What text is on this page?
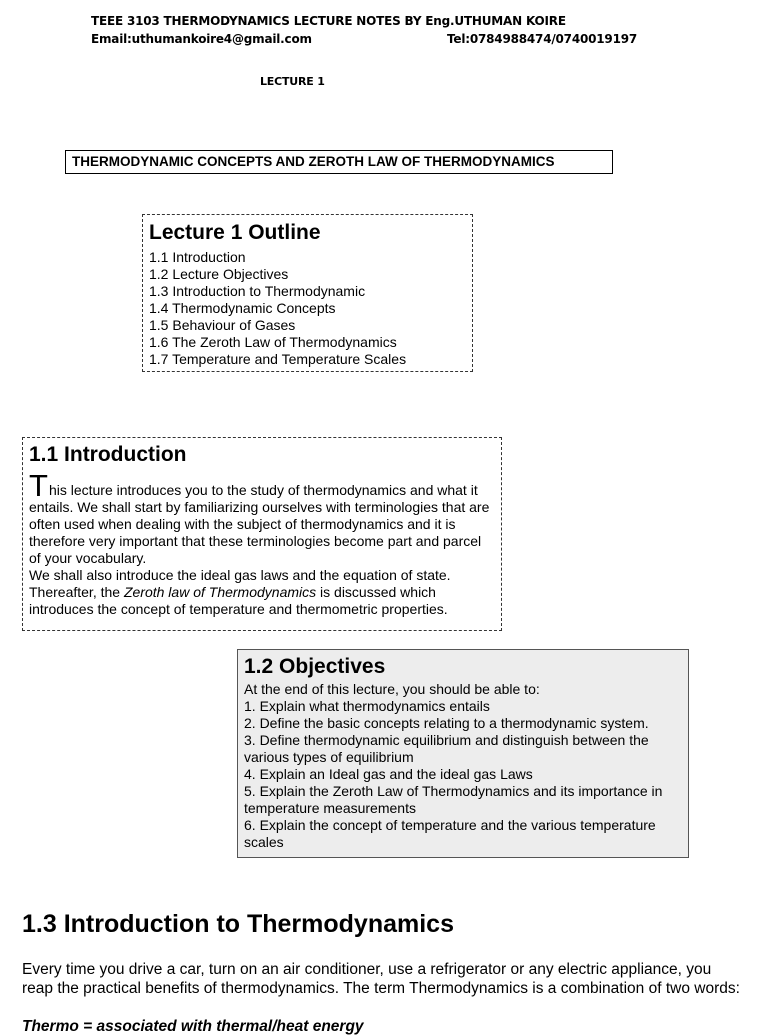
TEEE 3103 THERMODYNAMICS LECTURE NOTES BY Eng.UTHUMAN KOIRE
Email:uthumankoire4@gmail.com	Tel:0784988474/0740019197
LECTURE 1
THERMODYNAMIC CONCEPTS AND ZEROTH LAW OF THERMODYNAMICS
Lecture 1 Outline
1.1 Introduction
1.2 Lecture Objectives
1.3 Introduction to Thermodynamic
1.4 Thermodynamic Concepts
1.5 Behaviour of Gases
1.6 The Zeroth Law of Thermodynamics
1.7 Temperature and Temperature Scales
1.1 Introduction

This lecture introduces you to the study of thermodynamics and what it entails. We shall start by familiarizing ourselves with terminologies that are often used when dealing with the subject of thermodynamics and it is therefore very important that these terminologies become part and parcel of your vocabulary.

We shall also introduce the ideal gas laws and the equation of state. Thereafter, the Zeroth law of Thermodynamics is discussed which introduces the concept of temperature and thermometric properties.

1.2 Objectives

At the end of this lecture, you should be able to:

1. Explain what thermodynamics entails
2. Define the basic concepts relating to a thermodynamic system.
3. Define thermodynamic equilibrium and distinguish between the various types of equilibrium
4. Explain an Ideal gas and the ideal gas Laws
5. Explain the Zeroth Law of Thermodynamics and its importance in temperature measurements
6. Explain the concept of temperature and the various temperature scales
1.3 Introduction to Thermodynamics

Every time you drive a car, turn on an air conditioner, use a refrigerator or any electric appliance, you reap the practical benefits of thermodynamics. The term Thermodynamics is a combination of two words:

Thermo = associated with thermal/heat energy
